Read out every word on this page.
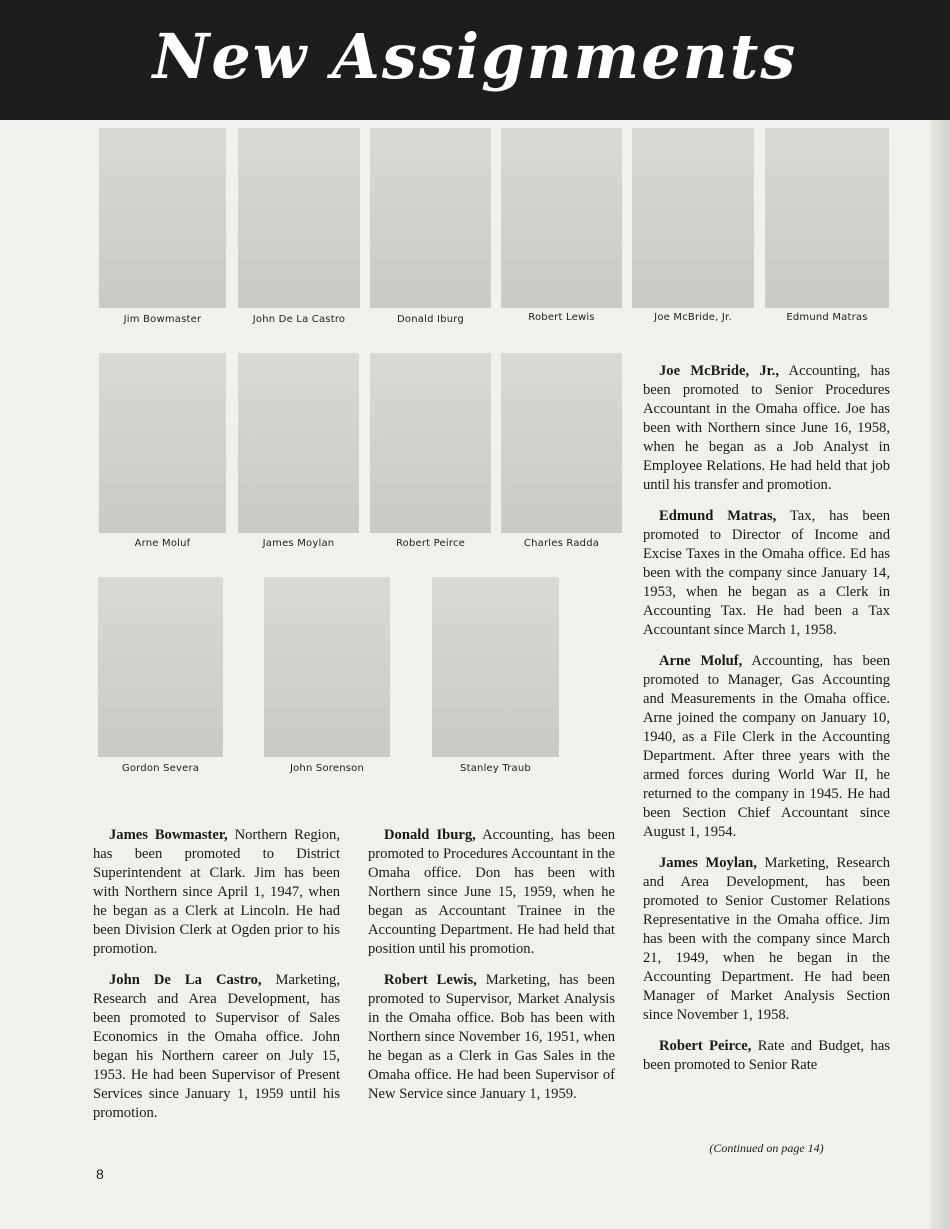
New Assignments
Jim Bowmaster	John De La Castro	Donald Iburg	Robert Lewis	Joe McBride, Jr.	Edmund Matras
Arne Moluf	James Moylan	Robert Peirce	Charles Radda
Gordon Severa	John Sorenson	Stanley Traub

James Bowmaster, Northern Region, has been promoted to District Superintendent at Clark. Jim has been with Northern since April 1, 1947, when he began as a Clerk at Lincoln. He had been Division Clerk at Ogden prior to his promotion.

John De La Castro, Marketing, Research and Area Development, has been promoted to Supervisor of Sales Economics in the Omaha office. John began his Northern career on July 15, 1953. He had been Supervisor of Present Services since January 1, 1959 until his promotion.

Donald Iburg, Accounting, has been promoted to Procedures Accountant in the Omaha office. Don has been with Northern since June 15, 1959, when he began as Accountant Trainee in the Accounting Department. He had held that position until his promotion.

Robert Lewis, Marketing, has been promoted to Supervisor, Market Analysis in the Omaha office. Bob has been with Northern since November 16, 1951, when he began as a Clerk in Gas Sales in the Omaha office. He had been Supervisor of New Service since January 1, 1959.

Joe McBride, Jr., Accounting, has been promoted to Senior Procedures Accountant in the Omaha office. Joe has been with Northern since June 16, 1958, when he began as a Job Analyst in Employee Relations. He had held that job until his transfer and promotion.

Edmund Matras, Tax, has been promoted to Director of Income and Excise Taxes in the Omaha office. Ed has been with the company since January 14, 1953, when he began as a Clerk in Accounting Tax. He had been a Tax Accountant since March 1, 1958.

Arne Moluf, Accounting, has been promoted to Manager, Gas Accounting and Measurements in the Omaha office. Arne joined the company on January 10, 1940, as a File Clerk in the Accounting Department. After three years with the armed forces during World War II, he returned to the company in 1945. He had been Section Chief Accountant since August 1, 1954.

James Moylan, Marketing, Research and Area Development, has been promoted to Senior Customer Relations Representative in the Omaha office. Jim has been with the company since March 21, 1949, when he began in the Accounting Department. He had been Manager of Market Analysis Section since November 1, 1958.

Robert Peirce, Rate and Budget, has been promoted to Senior Rate

(Continued on page 14)
8
